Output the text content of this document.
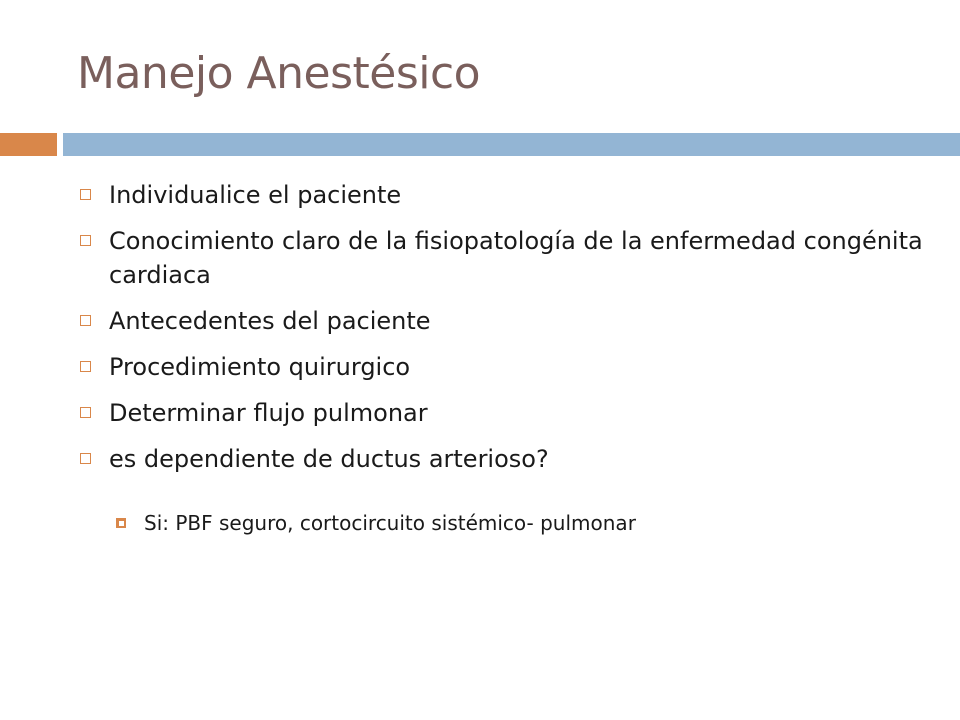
Manejo Anestésico
Individualice el paciente
Conocimiento claro de la fisiopatología de la enfermedad congénita cardiaca
Antecedentes del paciente
Procedimiento quirurgico
Determinar flujo pulmonar
es dependiente de ductus arterioso?
Si: PBF seguro, cortocircuito sistémico- pulmonar
